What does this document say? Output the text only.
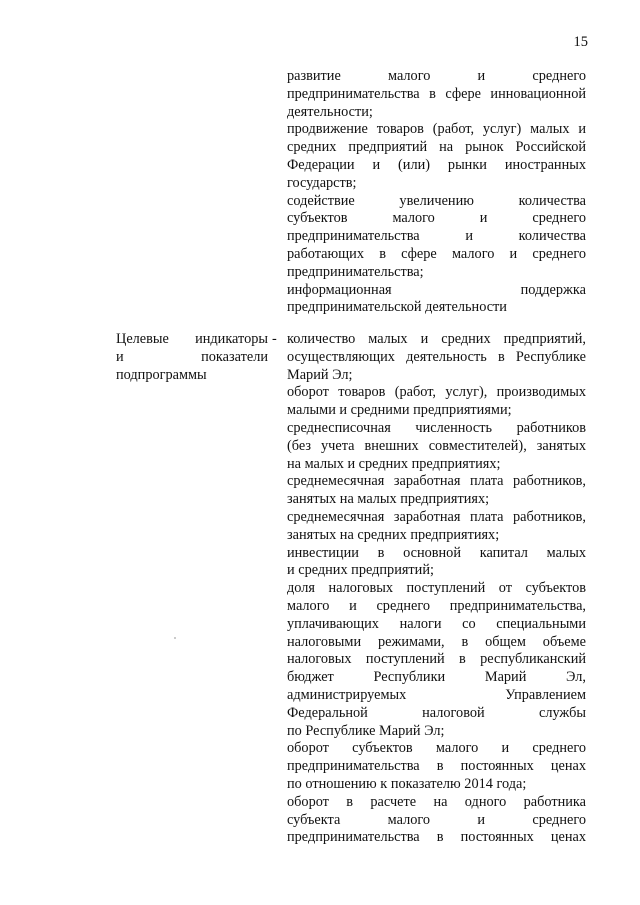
15
развитие малого и среднего
предпринимательства в сфере инновационной
деятельности;
продвижение товаров (работ, услуг) малых и
средних предприятий на рынок Российской
Федерации и (или) рынки иностранных
государств;
содействие увеличению количества
субъектов малого и среднего
предпринимательства и количества
работающих в сфере малого и среднего
предпринимательства;
информационная поддержка
предпринимательской деятельности
Целевые индикаторы
и показатели
подпрограммы
- количество малых и средних предприятий,
осуществляющих деятельность в Республике
Марий Эл;
оборот товаров (работ, услуг), производимых
малыми и средними предприятиями;
среднесписочная численность работников
(без учета внешних совместителей), занятых
на малых и средних предприятиях;
среднемесячная заработная плата работников,
занятых на малых предприятиях;
среднемесячная заработная плата работников,
занятых на средних предприятиях;
инвестиции в основной капитал малых
и средних предприятий;
доля налоговых поступлений от субъектов
малого и среднего предпринимательства,
уплачивающих налоги со специальными
налоговыми режимами, в общем объеме
налоговых поступлений в республиканский
бюджет Республики Марий Эл,
администрируемых Управлением
Федеральной налоговой службы
по Республике Марий Эл;
оборот субъектов малого и среднего
предпринимательства в постоянных ценах
по отношению к показателю 2014 года;
оборот в расчете на одного работника
субъекта малого и среднего
предпринимательства в постоянных ценах
